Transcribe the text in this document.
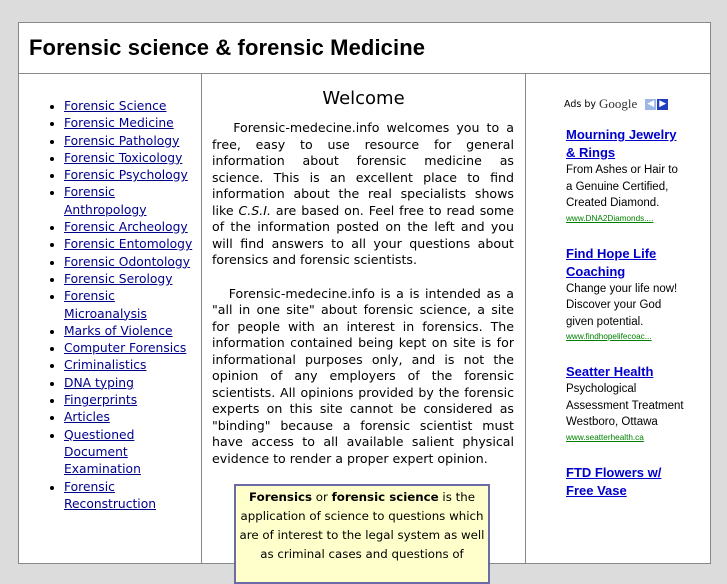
Forensic science & forensic Medicine
• Forensic Science
• Forensic Medicine
• Forensic Pathology
• Forensic Toxicology
• Forensic Psychology
• Forensic Anthropology
• Forensic Archeology
• Forensic Entomology
• Forensic Odontology
• Forensic Serology
• Forensic Microanalysis
• Marks of Violence
• Computer Forensics
• Criminalistics
• DNA typing
• Fingerprints
• Articles
• Questioned Document Examination
• Forensic Reconstruction
Welcome

Forensic-medecine.info welcomes you to a free, easy to use resource for general information about forensic medicine as science. This is an excellent place to find information about the real specialists shows like C.S.I. are based on. Feel free to read some of the information posted on the left and you will find answers to all your questions about forensics and forensic scientists.

Forensic-medecine.info is a is intended as a "all in one site" about forensic science, a site for people with an interest in forensics. The information contained being kept on site is for informational purposes only, and is not the opinion of any employers of the forensic scientists. All opinions provided by the forensic experts on this site cannot be considered as "binding" because a forensic scientist must have access to all available salient physical evidence to render a proper expert opinion.

Forensics or forensic science is the application of science to questions which are of interest to the legal system as well as criminal cases and questions of
Ads by Google ◀ ▶
Mourning Jewelry & Rings
From Ashes or Hair to a Genuine Certified, Created Diamond.
www.DNA2Diamonds....
Find Hope Life Coaching
Change your life now! Discover your God given potential.
www.findhopelifecoac...
Seatter Health
Psychological Assessment Treatment Westboro, Ottawa
www.seatterhealth.ca
FTD Flowers w/ Free Vase
